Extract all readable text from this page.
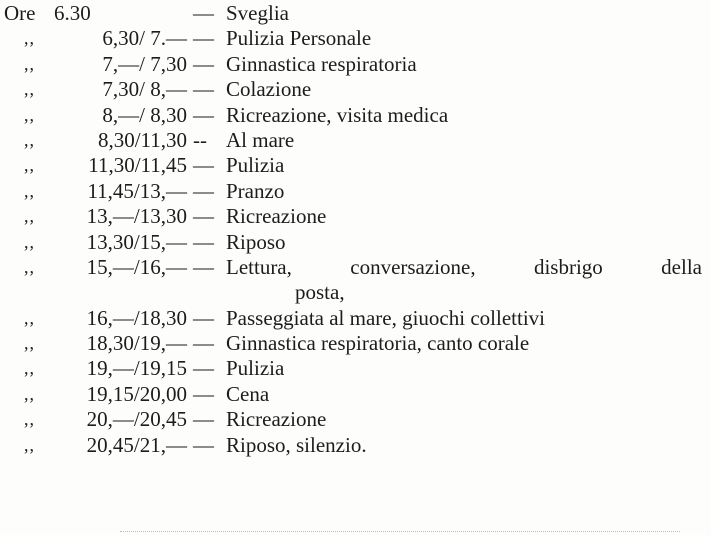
Ore 6.30	— Sveglia
,,	6,30/ 7.— — Pulizia Personale
,,	7,—/ 7,30 — Ginnastica respiratoria
,,	7,30/ 8,— — Colazione
,,	8,—/ 8,30 — Ricreazione, visita medica
,,	8,30/11,30 -- Al mare
,,	11,30/11,45 — Pulizia
,,	11,45/13,— — Pranzo
,,	13,—/13,30 — Ricreazione
,,	13,30/15,— — Riposo
,,	15,—/16,— — Lettura,	conversazione,	disbrigo	della
posta,
,,	16,—/18,30 — Passeggiata al mare, giuochi collettivi
,,	18,30/19,— — Ginnastica respiratoria, canto corale
,,	19,—/19,15 — Pulizia
,,	19,15/20,00 — Cena
,,	20,—/20,45 — Ricreazione
,,	20,45/21,— — Riposo, silenzio.
